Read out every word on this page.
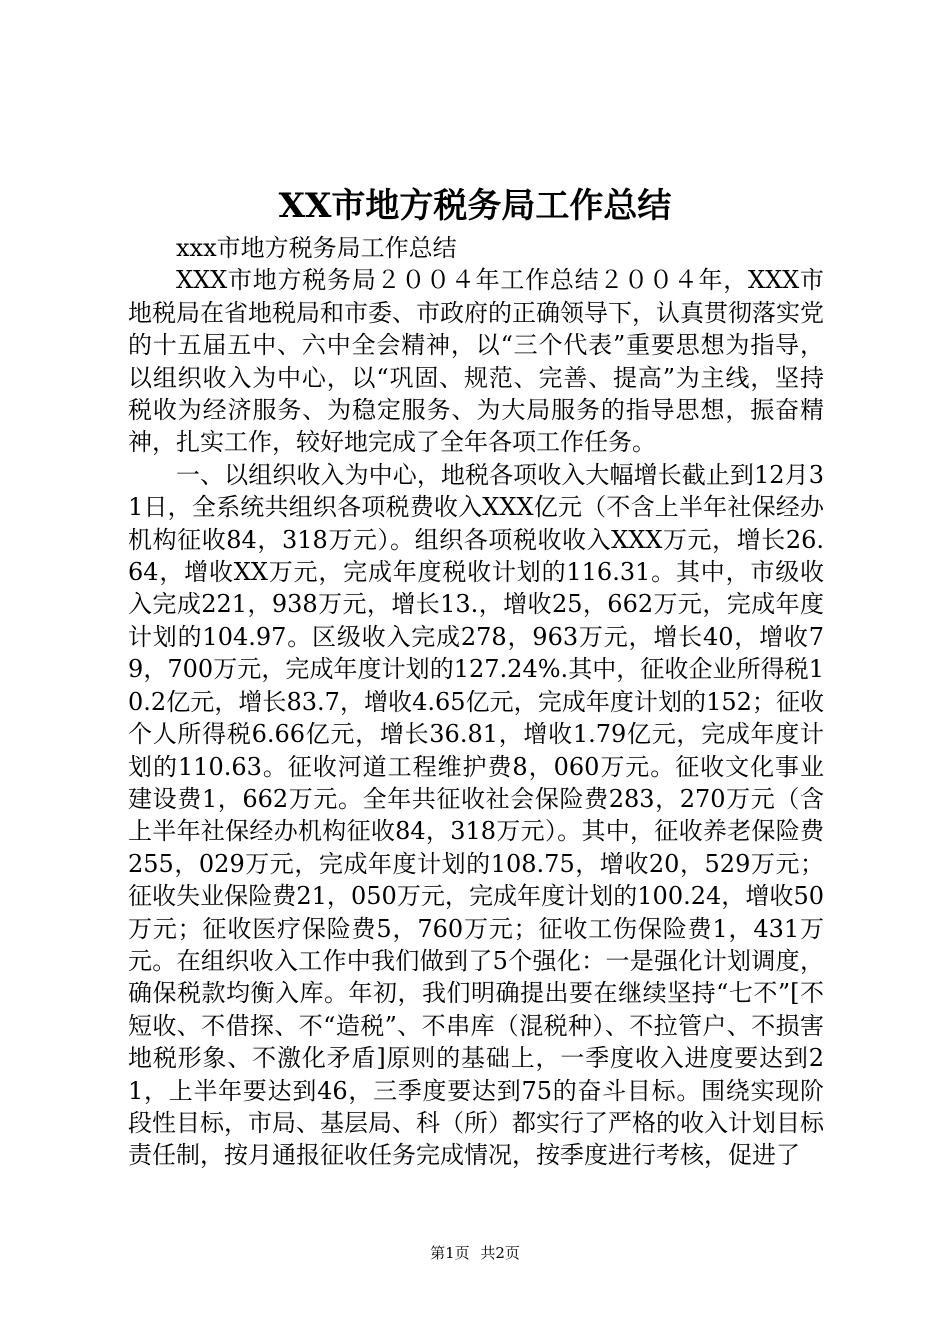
XX市地方税务局工作总结

xxx市地方税务局工作总结

XXX市地方税务局２００４年工作总结２００４年，XXX市地税局在省地税局和市委、市政府的正确领导下，认真贯彻落实党的十五届五中、六中全会精神，以“三个代表”重要思想为指导，以组织收入为中心，以“巩固、规范、完善、提高”为主线，坚持税收为经济服务、为稳定服务、为大局服务的指导思想，振奋精神，扎实工作，较好地完成了全年各项工作任务。

一、以组织收入为中心，地税各项收入大幅增长截止到12月31日，全系统共组织各项税费收入XXX亿元（不含上半年社保经办机构征收84，318万元）。组织各项税收收入XXX万元，增长26.64，增收XX万元，完成年度税收计划的116.31。其中，市级收入完成221，938万元，增长13.，增收25，662万元，完成年度计划的104.97。区级收入完成278，963万元，增长40，增收79，700万元，完成年度计划的127.24%.其中，征收企业所得税10.2亿元，增长83.7，增收4.65亿元，完成年度计划的152；征收个人所得税6.66亿元，增长36.81，增收1.79亿元，完成年度计划的110.63。征收河道工程维护费8，060万元。征收文化事业建设费1，662万元。全年共征收社会保险费283，270万元（含上半年社保经办机构征收84，318万元）。其中，征收养老保险费255，029万元，完成年度计划的108.75，增收20，529万元；征收失业保险费21，050万元，完成年度计划的100.24，增收50万元；征收医疗保险费5，760万元；征收工伤保险费1，431万元。在组织收入工作中我们做到了5个强化：一是强化计划调度，确保税款均衡入库。年初，我们明确提出要在继续坚持“七不”[不短收、不借探、不“造税”、不串库（混税种）、不拉管户、不损害地税形象、不激化矛盾]原则的基础上，一季度收入进度要达到21，上半年要达到46，三季度要达到75的奋斗目标。围绕实现阶段性目标，市局、基层局、科（所）都实行了严格的收入计划目标责任制，按月通报征收任务完成情况，按季度进行考核，促进了

第1页 共2页
